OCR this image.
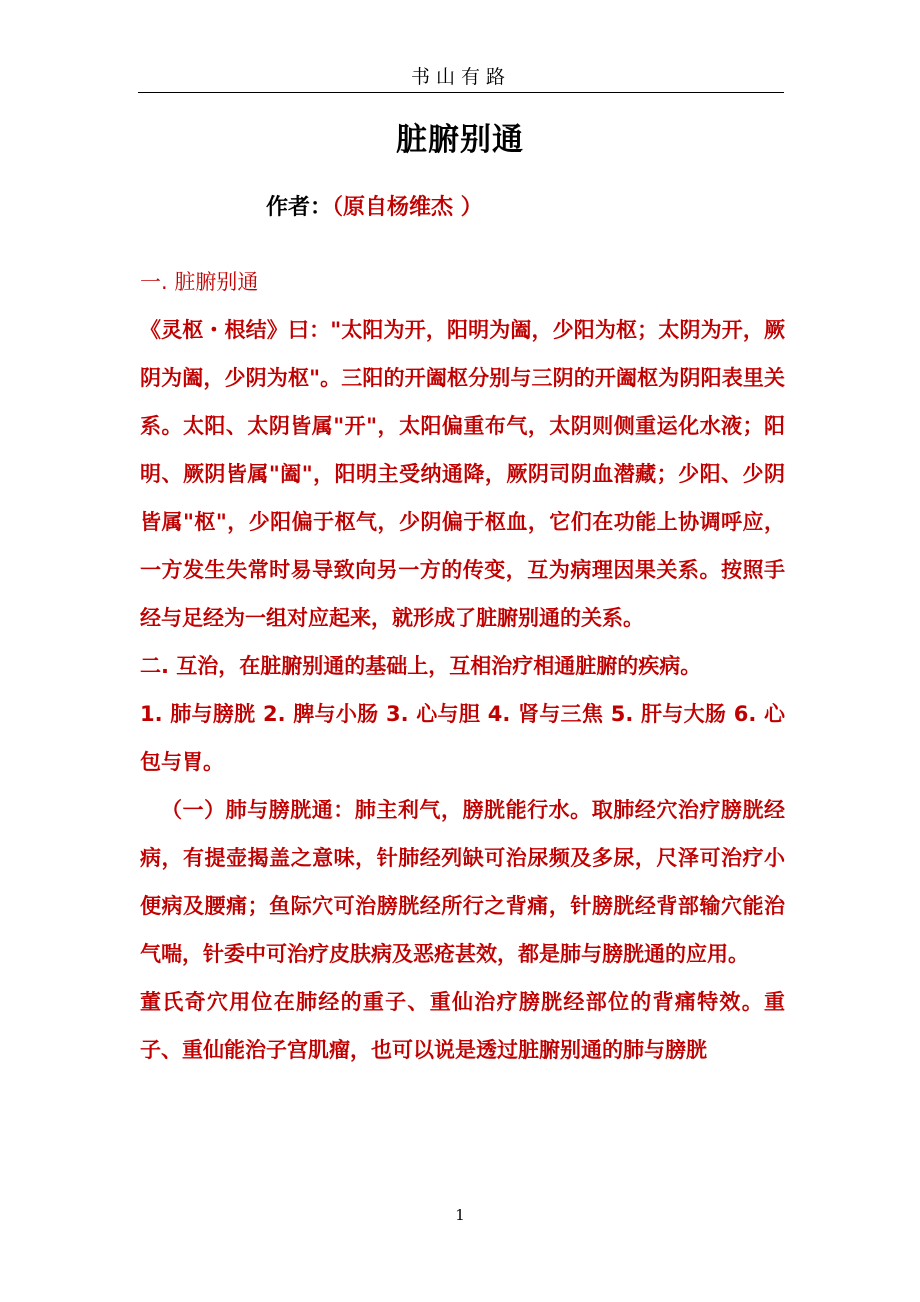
书山有路
脏腑别通
作者：（原自杨维杰 ）

一. 脏腑别通

《灵枢・根结》曰："太阳为开，阳明为阖，少阳为枢；太阴为开，厥阴为阖，少阴为枢"。三阳的开阖枢分别与三阴的开阖枢为阴阳表里关系。太阳、太阴皆属"开"，太阳偏重布气，太阴则侧重运化水液；阳明、厥阴皆属"阖"，阳明主受纳通降，厥阴司阴血潜藏；少阳、少阴皆属"枢"，少阳偏于枢气，少阴偏于枢血，它们在功能上协调呼应，一方发生失常时易导致向另一方的传变，互为病理因果关系。按照手经与足经为一组对应起来，就形成了脏腑别通的关系。

二. 互治，在脏腑别通的基础上，互相治疗相通脏腑的疾病。

1. 肺与膀胱 2. 脾与小肠 3. 心与胆 4. 肾与三焦 5. 肝与大肠 6. 心包与胃。

（一）肺与膀胱通：肺主利气，膀胱能行水。取肺经穴治疗膀胱经病，有提壶揭盖之意味，针肺经列缺可治尿频及多尿，尺泽可治疗小便病及腰痛；鱼际穴可治膀胱经所行之背痛，针膀胱经背部输穴能治气喘，针委中可治疗皮肤病及恶疮甚效，都是肺与膀胱通的应用。

董氏奇穴用位在肺经的重子、重仙治疗膀胱经部位的背痛特效。重子、重仙能治子宫肌瘤，也可以说是透过脏腑别通的肺与膀胱

1
